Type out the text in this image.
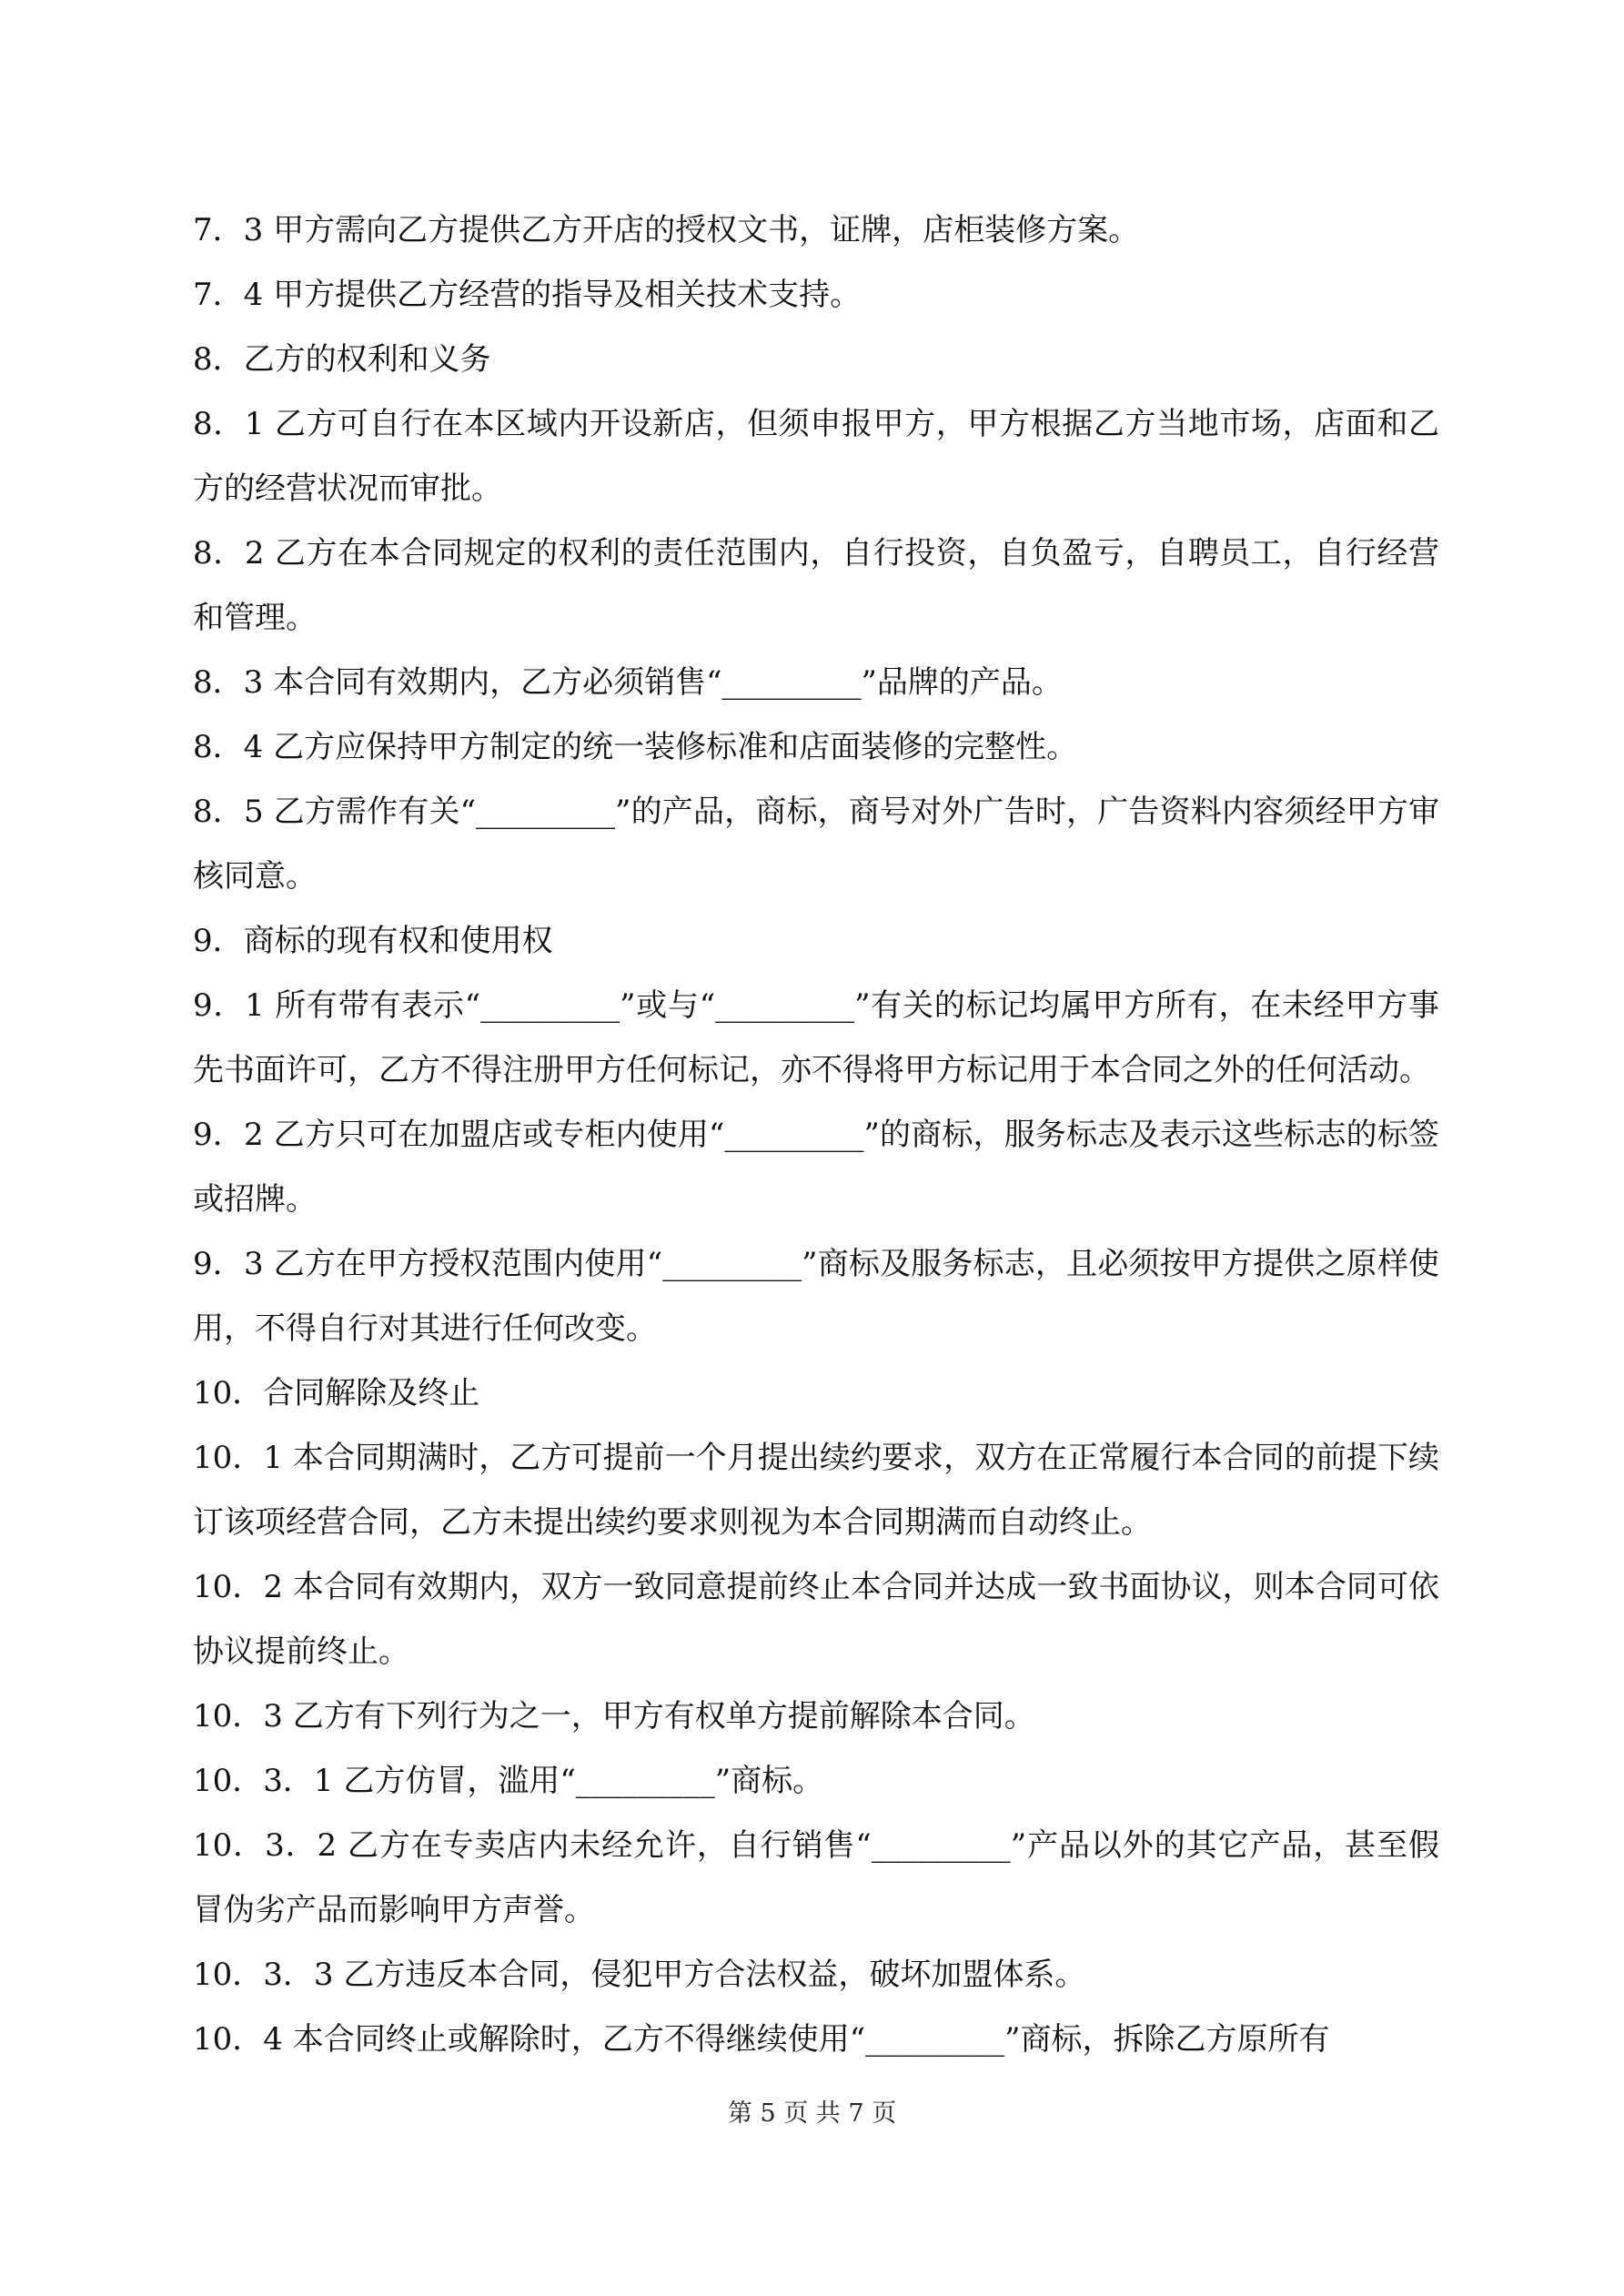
7．3 甲方需向乙方提供乙方开店的授权文书，证牌，店柜装修方案。

7．4 甲方提供乙方经营的指导及相关技术支持。

8．乙方的权利和义务

8．1 乙方可自行在本区域内开设新店，但须申报甲方，甲方根据乙方当地市场，店面和乙方的经营状况而审批。

8．2 乙方在本合同规定的权利的责任范围内，自行投资，自负盈亏，自聘员工，自行经营和管理。

8．3 本合同有效期内，乙方必须销售“_________”品牌的产品。

8．4 乙方应保持甲方制定的统一装修标准和店面装修的完整性。

8．5 乙方需作有关“_________”的产品，商标，商号对外广告时，广告资料内容须经甲方审核同意。

9．商标的现有权和使用权

9．1 所有带有表示“_________”或与“_________”有关的标记均属甲方所有，在未经甲方事先书面许可，乙方不得注册甲方任何标记，亦不得将甲方标记用于本合同之外的任何活动。

9．2 乙方只可在加盟店或专柜内使用“_________”的商标，服务标志及表示这些标志的标签或招牌。

9．3 乙方在甲方授权范围内使用“_________”商标及服务标志，且必须按甲方提供之原样使用，不得自行对其进行任何改变。

10．合同解除及终止

10．1 本合同期满时，乙方可提前一个月提出续约要求，双方在正常履行本合同的前提下续订该项经营合同，乙方未提出续约要求则视为本合同期满而自动终止。

10．2 本合同有效期内，双方一致同意提前终止本合同并达成一致书面协议，则本合同可依协议提前终止。

10．3 乙方有下列行为之一，甲方有权单方提前解除本合同。

10．3．1 乙方仿冒，滥用“_________”商标。

10．3．2 乙方在专卖店内未经允许，自行销售“_________”产品以外的其它产品，甚至假冒伪劣产品而影响甲方声誉。

10．3．3 乙方违反本合同，侵犯甲方合法权益，破坏加盟体系。

10．4 本合同终止或解除时，乙方不得继续使用“_________”商标，拆除乙方原所有

第 5 页 共 7 页
